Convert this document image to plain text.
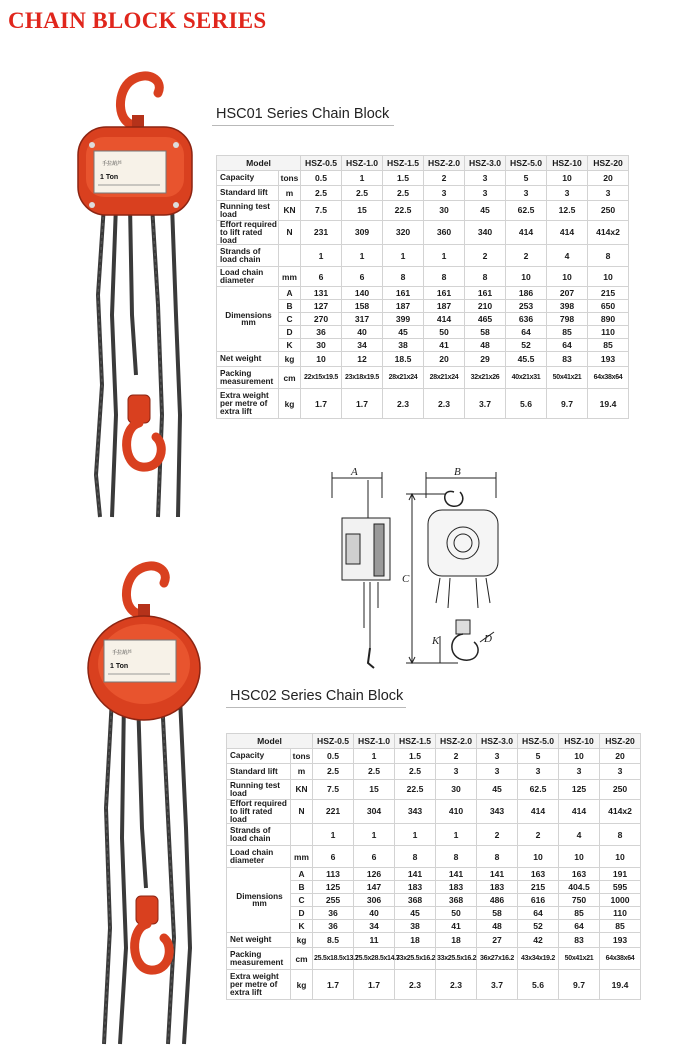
CHAIN BLOCK SERIES
手拉葫芦
1 Ton
手拉葫芦
1 Ton
HSC01 Series Chain Block
Model		HSZ-0.5	HSZ-1.0	HSZ-1.5	HSZ-2.0	HSZ-3.0	HSZ-5.0	HSZ-10	HSZ-20
Capacity	tons	0.5	1	1.5	2	3	5	10	20
Standard lift	m	2.5	2.5	2.5	3	3	3	3	3
Running test load	KN	7.5	15	22.5	30	45	62.5	12.5	250
Effort required to lift rated load	N	231	309	320	360	340	414	414	414x2
Strands of load chain		1	1	1	1	2	2	4	8
Load chain diameter	mm	6	6	8	8	8	10	10	10
Dimensions mm	A	131	140	161	161	161	186	207	215
	B	127	158	187	187	210	253	398	650
	C	270	317	399	414	465	636	798	890
	D	36	40	45	50	58	64	85	110
	K	30	34	38	41	48	52	64	85
Net weight	kg	10	12	18.5	20	29	45.5	83	193
Packing measurement	cm	22x15x19.5	23x18x19.5	28x21x24	28x21x24	32x21x26	40x21x31	50x41x21	64x38x64
Extra weight per metre of extra lift	kg	1.7	1.7	2.3	2.3	3.7	5.6	9.7	19.4
A	B
C
K	D
HSC02 Series Chain Block
Model		HSZ-0.5	HSZ-1.0	HSZ-1.5	HSZ-2.0	HSZ-3.0	HSZ-5.0	HSZ-10	HSZ-20
Capacity	tons	0.5	1	1.5	2	3	5	10	20
Standard lift	m	2.5	2.5	2.5	3	3	3	3	3
Running test load	KN	7.5	15	22.5	30	45	62.5	125	250
Effort required to lift rated load	N	221	304	343	410	343	414	414	414x2
Strands of load chain		1	1	1	1	2	2	4	8
Load chain diameter	mm	6	6	8	8	8	10	10	10
Dimensions mm	A	113	126	141	141	141	163	163	191
	B	125	147	183	183	183	215	404.5	595
	C	255	306	368	368	486	616	750	1000
	D	36	40	45	50	58	64	85	110
	K	36	34	38	41	48	52	64	85
Net weight	kg	8.5	11	18	18	27	42	83	193
Packing measurement	cm	25.5x18.5x13.7	25.5x28.5x14.7	33x25.5x16.2	33x25.5x16.2	36x27x16.2	43x34x19.2	50x41x21	64x38x64
Extra weight per metre of extra lift	kg	1.7	1.7	2.3	2.3	3.7	5.6	9.7	19.4
